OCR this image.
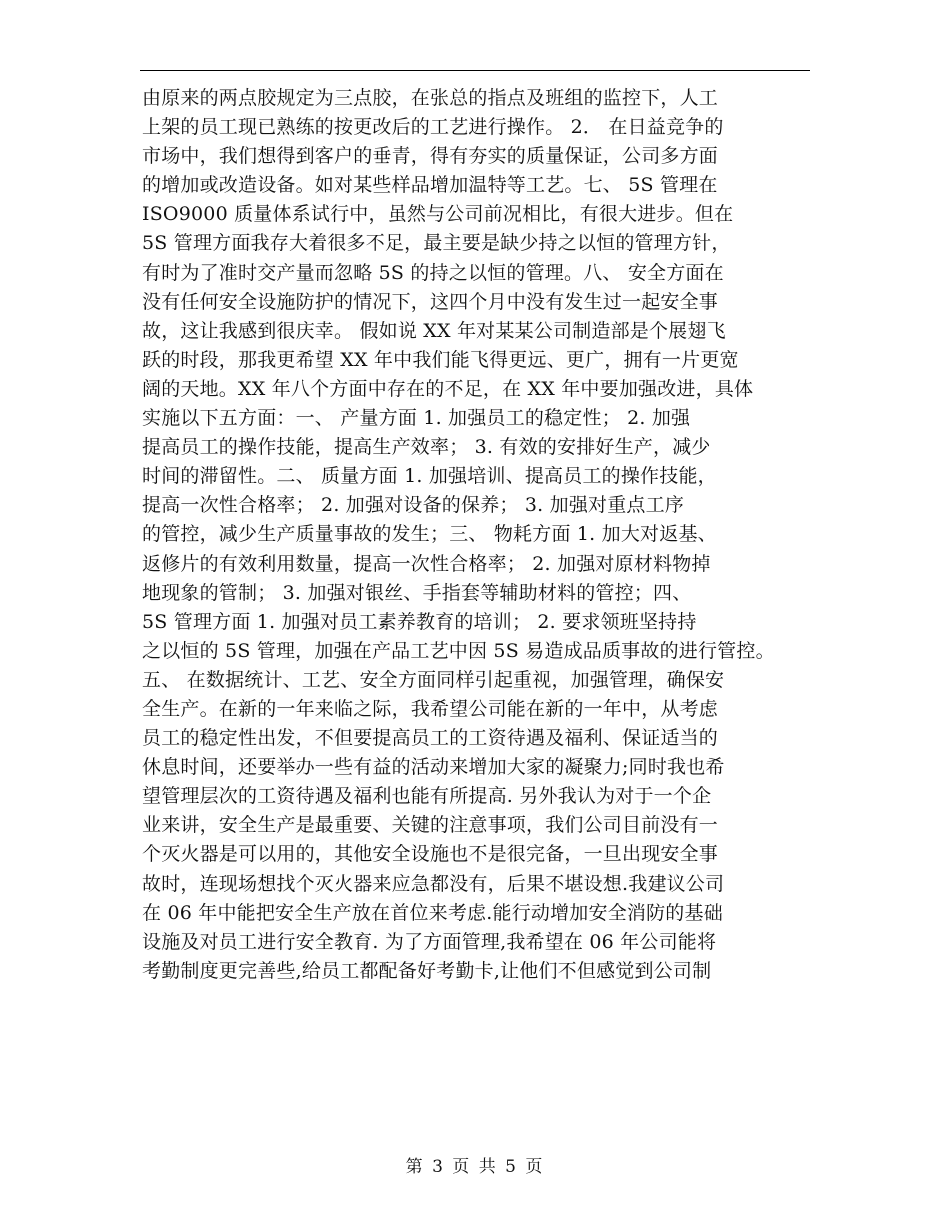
由原来的两点胶规定为三点胶，在张总的指点及班组的监控下，人工
上架的员工现已熟练的按更改后的工艺进行操作。 2． 在日益竞争的
市场中，我们想得到客户的垂青，得有夯实的质量保证，公司多方面
的增加或改造设备。如对某些样品增加温特等工艺。七、 5S 管理在
ISO9000 质量体系试行中，虽然与公司前况相比，有很大进步。但在
5S 管理方面我存大着很多不足，最主要是缺少持之以恒的管理方针，
有时为了准时交产量而忽略 5S 的持之以恒的管理。八、 安全方面在
没有任何安全设施防护的情况下，这四个月中没有发生过一起安全事
故，这让我感到很庆幸。 假如说 XX 年对某某公司制造部是个展翅飞
跃的时段，那我更希望 XX 年中我们能飞得更远、更广，拥有一片更宽
阔的天地。XX 年八个方面中存在的不足，在 XX 年中要加强改进，具体
实施以下五方面：一、 产量方面 1. 加强员工的稳定性； 2. 加强
提高员工的操作技能，提高生产效率； 3. 有效的安排好生产，减少
时间的滞留性。二、 质量方面 1. 加强培训、提高员工的操作技能，
提高一次性合格率； 2. 加强对设备的保养； 3. 加强对重点工序
的管控，减少生产质量事故的发生；三、 物耗方面 1. 加大对返基、
返修片的有效利用数量，提高一次性合格率； 2. 加强对原材料物掉
地现象的管制； 3. 加强对银丝、手指套等辅助材料的管控；四、
5S 管理方面 1. 加强对员工素养教育的培训； 2. 要求领班坚持持
之以恒的 5S 管理，加强在产品工艺中因 5S 易造成品质事故的进行管控。
五、 在数据统计、工艺、安全方面同样引起重视，加强管理，确保安
全生产。在新的一年来临之际，我希望公司能在新的一年中，从考虑
员工的稳定性出发，不但要提高员工的工资待遇及福利、保证适当的
休息时间，还要举办一些有益的活动来增加大家的凝聚力;同时我也希
望管理层次的工资待遇及福利也能有所提高. 另外我认为对于一个企
业来讲，安全生产是最重要、关键的注意事项，我们公司目前没有一
个灭火器是可以用的，其他安全设施也不是很完备，一旦出现安全事
故时，连现场想找个灭火器来应急都没有，后果不堪设想.我建议公司
在 06 年中能把安全生产放在首位来考虑.能行动增加安全消防的基础
设施及对员工进行安全教育. 为了方面管理,我希望在 06 年公司能将
考勤制度更完善些,给员工都配备好考勤卡,让他们不但感觉到公司制
第 3 页 共 5 页
